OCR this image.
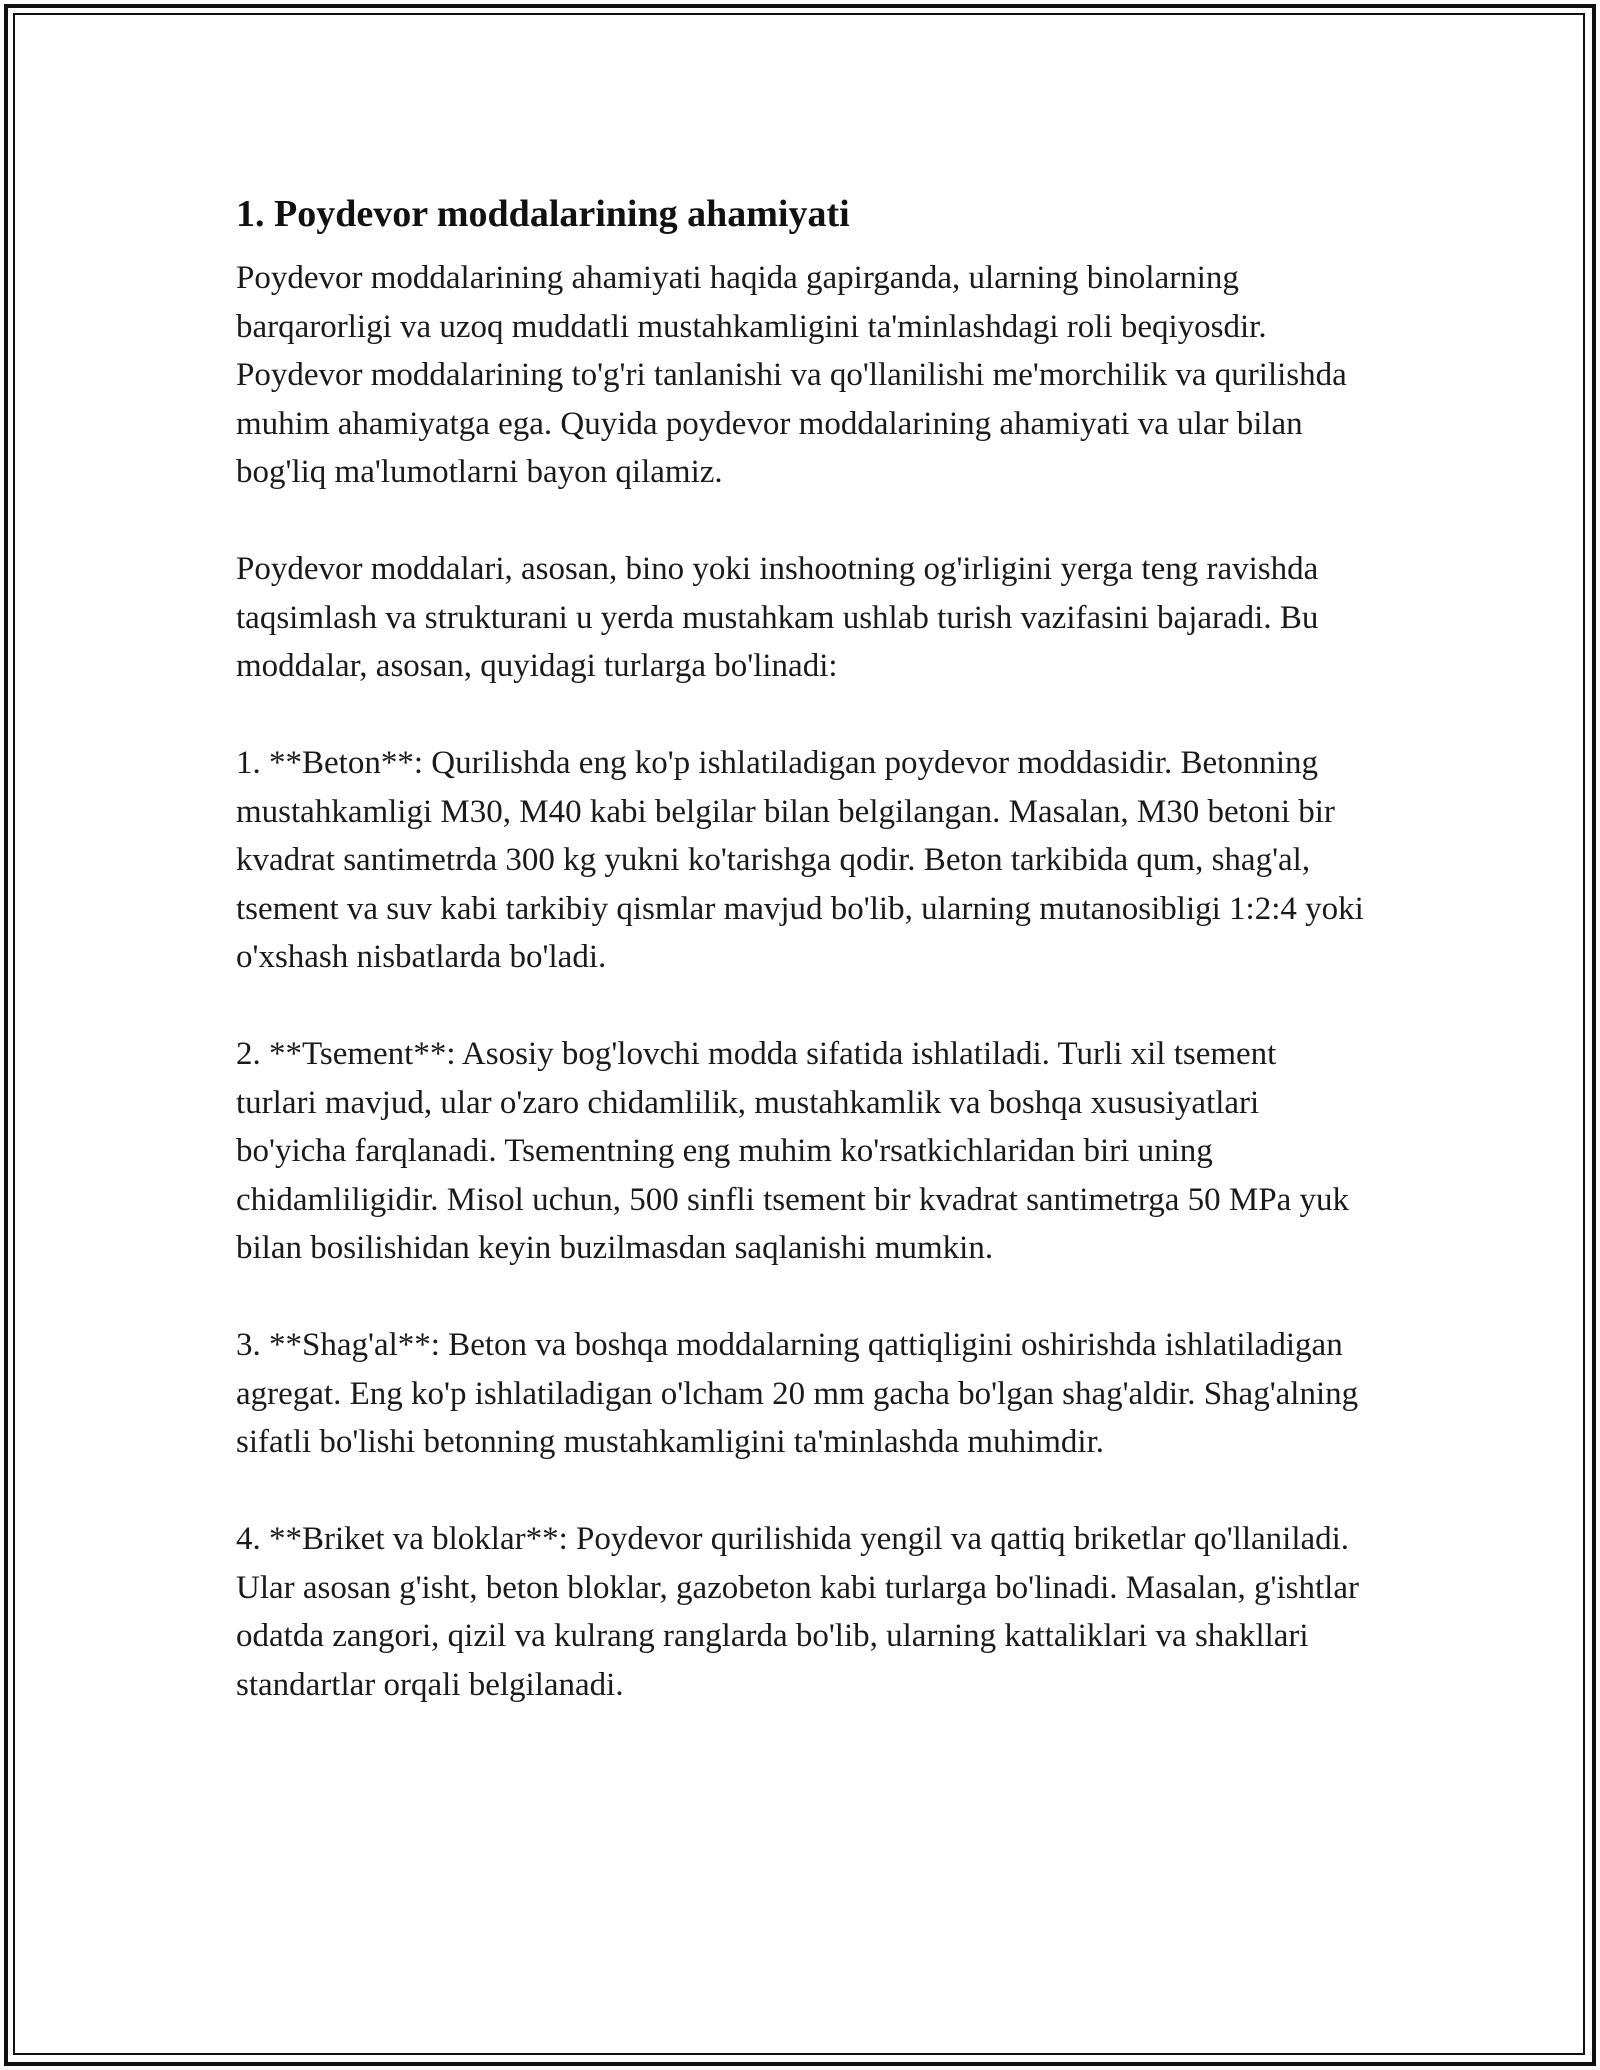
1. Poydevor moddalarining ahamiyati

Poydevor moddalarining ahamiyati haqida gapirganda, ularning binolarning barqarorligi va uzoq muddatli mustahkamligini ta'minlashdagi roli beqiyosdir. Poydevor moddalarining to'g'ri tanlanishi va qo'llanilishi me'morchilik va qurilishda muhim ahamiyatga ega. Quyida poydevor moddalarining ahamiyati va ular bilan bog'liq ma'lumotlarni bayon qilamiz.

Poydevor moddalari, asosan, bino yoki inshootning og'irligini yerga teng ravishda taqsimlash va strukturani u yerda mustahkam ushlab turish vazifasini bajaradi. Bu moddalar, asosan, quyidagi turlarga bo'linadi:

1. **Beton**: Qurilishda eng ko'p ishlatiladigan poydevor moddasidir. Betonning mustahkamligi M30, M40 kabi belgilar bilan belgilangan. Masalan, M30 betoni bir kvadrat santimetrda 300 kg yukni ko'tarishga qodir. Beton tarkibida qum, shag'al, tsement va suv kabi tarkibiy qismlar mavjud bo'lib, ularning mutanosibligi 1:2:4 yoki o'xshash nisbatlarda bo'ladi.

2. **Tsement**: Asosiy bog'lovchi modda sifatida ishlatiladi. Turli xil tsement turlari mavjud, ular o'zaro chidamlilik, mustahkamlik va boshqa xususiyatlari bo'yicha farqlanadi. Tsementning eng muhim ko'rsatkichlaridan biri uning chidamliligidir. Misol uchun, 500 sinfli tsement bir kvadrat santimetrga 50 MPa yuk bilan bosilishidan keyin buzilmasdan saqlanishi mumkin.

3. **Shag'al**: Beton va boshqa moddalarning qattiqligini oshirishda ishlatiladigan agregat. Eng ko'p ishlatiladigan o'lcham 20 mm gacha bo'lgan shag'aldir. Shag'alning sifatli bo'lishi betonning mustahkamligini ta'minlashda muhimdir.

4. **Briket va bloklar**: Poydevor qurilishida yengil va qattiq briketlar qo'llaniladi. Ular asosan g'isht, beton bloklar, gazobeton kabi turlarga bo'linadi. Masalan, g'ishtlar odatda zangori, qizil va kulrang ranglarda bo'lib, ularning kattaliklari va shakllari standartlar orqali belgilanadi.
